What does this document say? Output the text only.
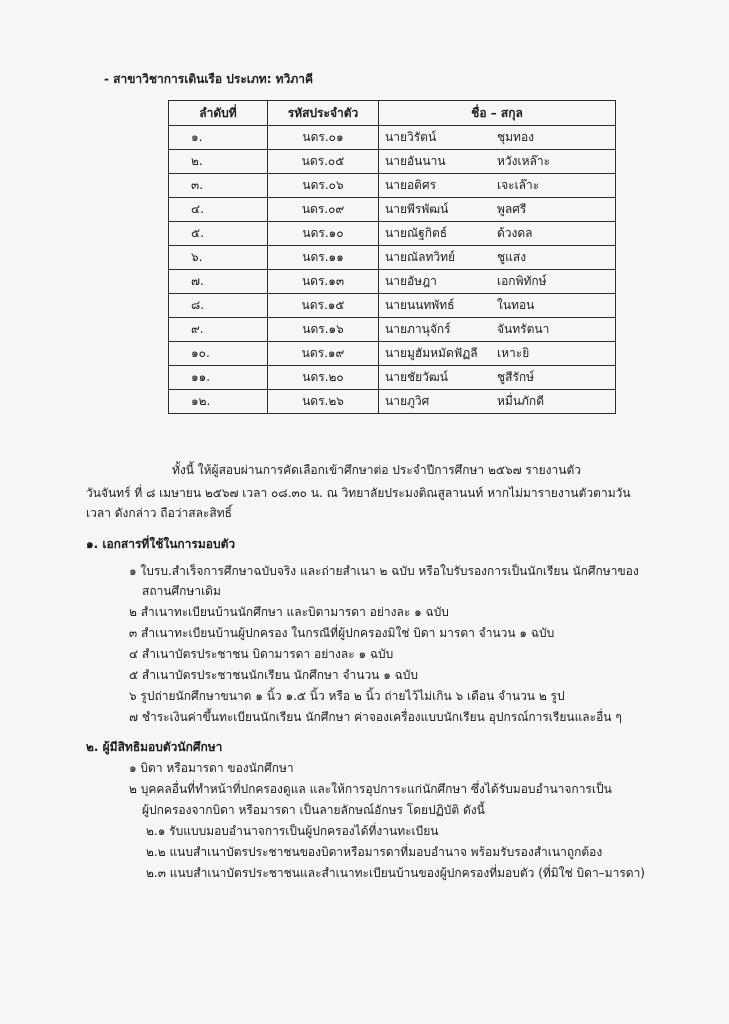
- สาขาวิชาการเดินเรือ ประเภท: ทวิภาคี
ลำดับที่	รหัสประจำตัว	ชื่อ – สกุล
๑.	นดร.๐๑	นายวิรัตน์ ชุมทอง
๒.	นดร.๐๕	นายอันนาน หวังเหล๊าะ
๓.	นดร.๐๖	นายอติศร เจะเล๊าะ
๔.	นดร.๐๙	นายพีรพัฒน์ พูลศรี
๕.	นดร.๑๐	นายณัฐกิตธ์ ด้วงดล
๖.	นดร.๑๑	นายณัลทวิทย์ ชูแสง
๗.	นดร.๑๓	นายอัษฎา เอกพิทักษ์
๘.	นดร.๑๕	นายนนทพัทธ์ ในทอน
๙.	นดร.๑๖	นายภานุจักร์ จันทรัตนา
๑๐.	นดร.๑๙	นายมูฮัมหมัดฟัฏลี เหาะยิ
๑๑.	นดร.๒๐	นายชัยวัฒน์ ชูสีรักษ์
๑๒.	นดร.๒๖	นายภูวิศ หมื่นภักดี
ทั้งนี้ ให้ผู้สอบผ่านการคัดเลือกเข้าศึกษาต่อ ประจำปีการศึกษา ๒๕๖๗ รายงานตัว
วันจันทร์ ที่ ๘ เมษายน ๒๕๖๗ เวลา ๐๘.๓๐ น. ณ วิทยาลัยประมงติณสูลานนท์ หากไม่มารายงานตัวตามวัน
เวลา ดังกล่าว ถือว่าสละสิทธิ์
๑. เอกสารที่ใช้ในการมอบตัว
๑ ใบรบ.สำเร็จการศึกษาฉบับจริง และถ่ายสำเนา ๒ ฉบับ หรือใบรับรองการเป็นนักเรียน นักศึกษาของ
สถานศึกษาเดิม
๒ สำเนาทะเบียนบ้านนักศึกษา และบิดามารดา อย่างละ ๑ ฉบับ
๓ สำเนาทะเบียนบ้านผู้ปกครอง ในกรณีที่ผู้ปกครองมิใช่ บิดา มารดา จำนวน ๑ ฉบับ
๔ สำเนาบัตรประชาชน บิดามารดา อย่างละ ๑ ฉบับ
๕ สำเนาบัตรประชาชนนักเรียน นักศึกษา จำนวน ๑ ฉบับ
๖ รูปถ่ายนักศึกษาขนาด ๑ นิ้ว ๑.๕ นิ้ว หรือ ๒ นิ้ว ถ่ายไว้ไม่เกิน ๖ เดือน จำนวน ๒ รูป
๗ ชำระเงินค่าขึ้นทะเบียนนักเรียน นักศึกษา ค่าจองเครื่องแบบนักเรียน อุปกรณ์การเรียนและอื่น ๆ
๒. ผู้มีสิทธิมอบตัวนักศึกษา
๑ บิดา หรือมารดา ของนักศึกษา
๒ บุคคลอื่นที่ทำหน้าที่ปกครองดูแล และให้การอุปการะแก่นักศึกษา ซึ่งได้รับมอบอำนาจการเป็น
ผู้ปกครองจากบิดา หรือมารดา เป็นลายลักษณ์อักษร โดยปฏิบัติ ดังนี้
๒.๑ รับแบบมอบอำนาจการเป็นผู้ปกครองได้ที่งานทะเบียน
๒.๒ แนบสำเนาบัตรประชาชนของบิดาหรือมารดาที่มอบอำนาจ พร้อมรับรองสำเนาถูกต้อง
๒.๓ แนบสำเนาบัตรประชาชนและสำเนาทะเบียนบ้านของผู้ปกครองที่มอบตัว (ที่มิใช่ บิดา–มารดา)
